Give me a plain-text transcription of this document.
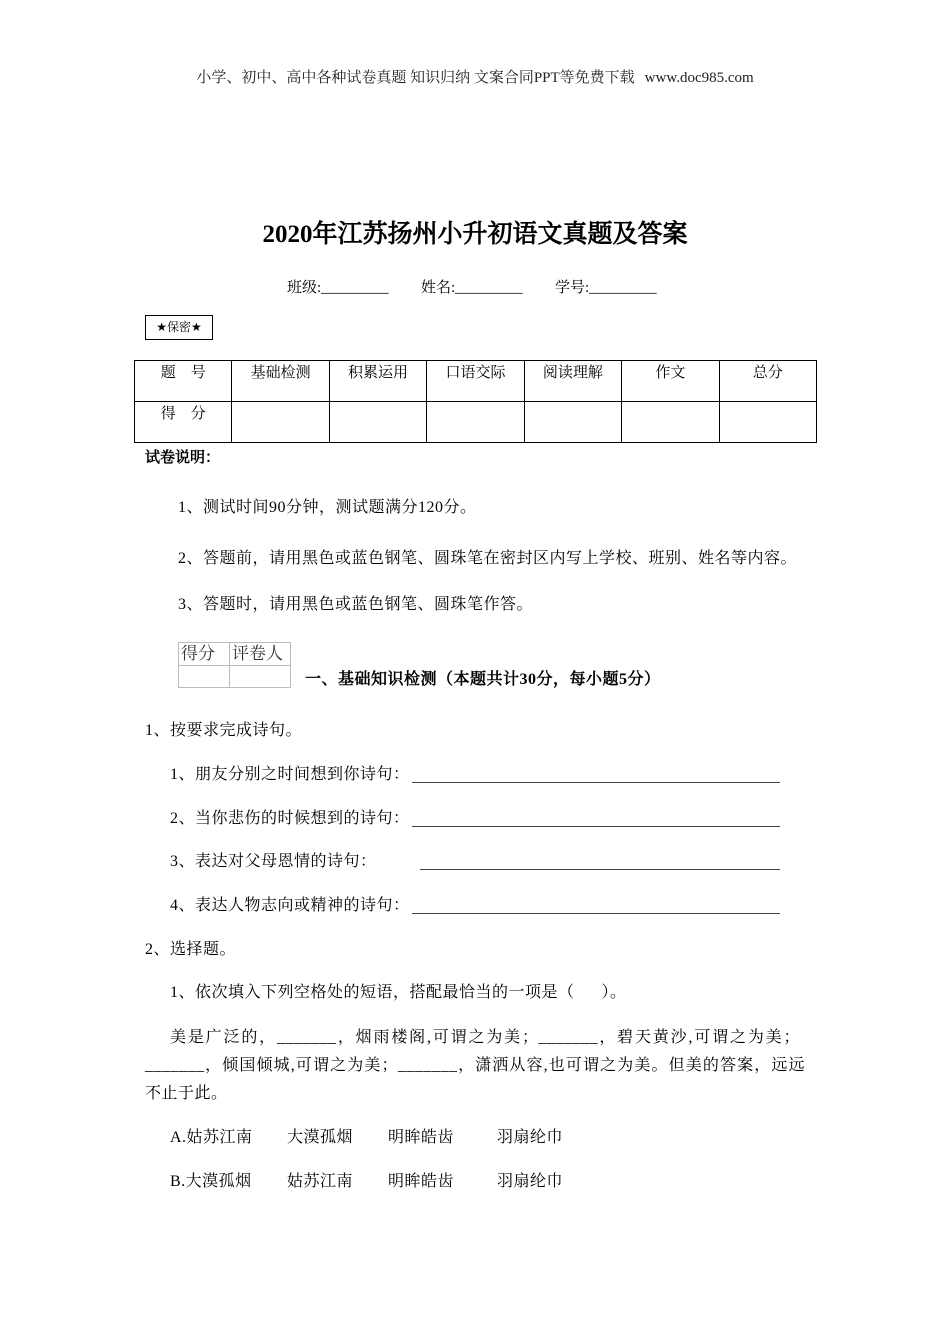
小学、初中、高中各种试卷真题 知识归纳 文案合同PPT等免费下载 www.doc985.com
2020年江苏扬州小升初语文真题及答案
班级:_________ 姓名:_________ 学号:_________
★保密★
题　号	基础检测	积累运用	口语交际	阅读理解	作文	总分
得　分						
试卷说明：
1、测试时间90分钟，测试题满分120分。
2、答题前，请用黑色或蓝色钢笔、圆珠笔在密封区内写上学校、班别、姓名等内容。
3、答题时，请用黑色或蓝色钢笔、圆珠笔作答。
得分	评卷人

一、基础知识检测（本题共计30分，每小题5分）
1、按要求完成诗句。
1、朋友分别之时间想到你诗句：
2、当你悲伤的时候想到的诗句：
3、表达对父母恩情的诗句：
4、表达人物志向或精神的诗句：
2、选择题。
1、依次填入下列空格处的短语，搭配最恰当的一项是（      ）。
美是广泛的，_______，烟雨楼阁,可谓之为美；_______，碧天黄沙,可谓之为美；
_______，倾国倾城,可谓之为美；_______，潇洒从容,也可谓之为美。但美的答案，远远
不止于此。
A.姑苏江南 大漠孤烟 明眸皓齿	羽扇纶巾
B.大漠孤烟 姑苏江南 明眸皓齿	羽扇纶巾
